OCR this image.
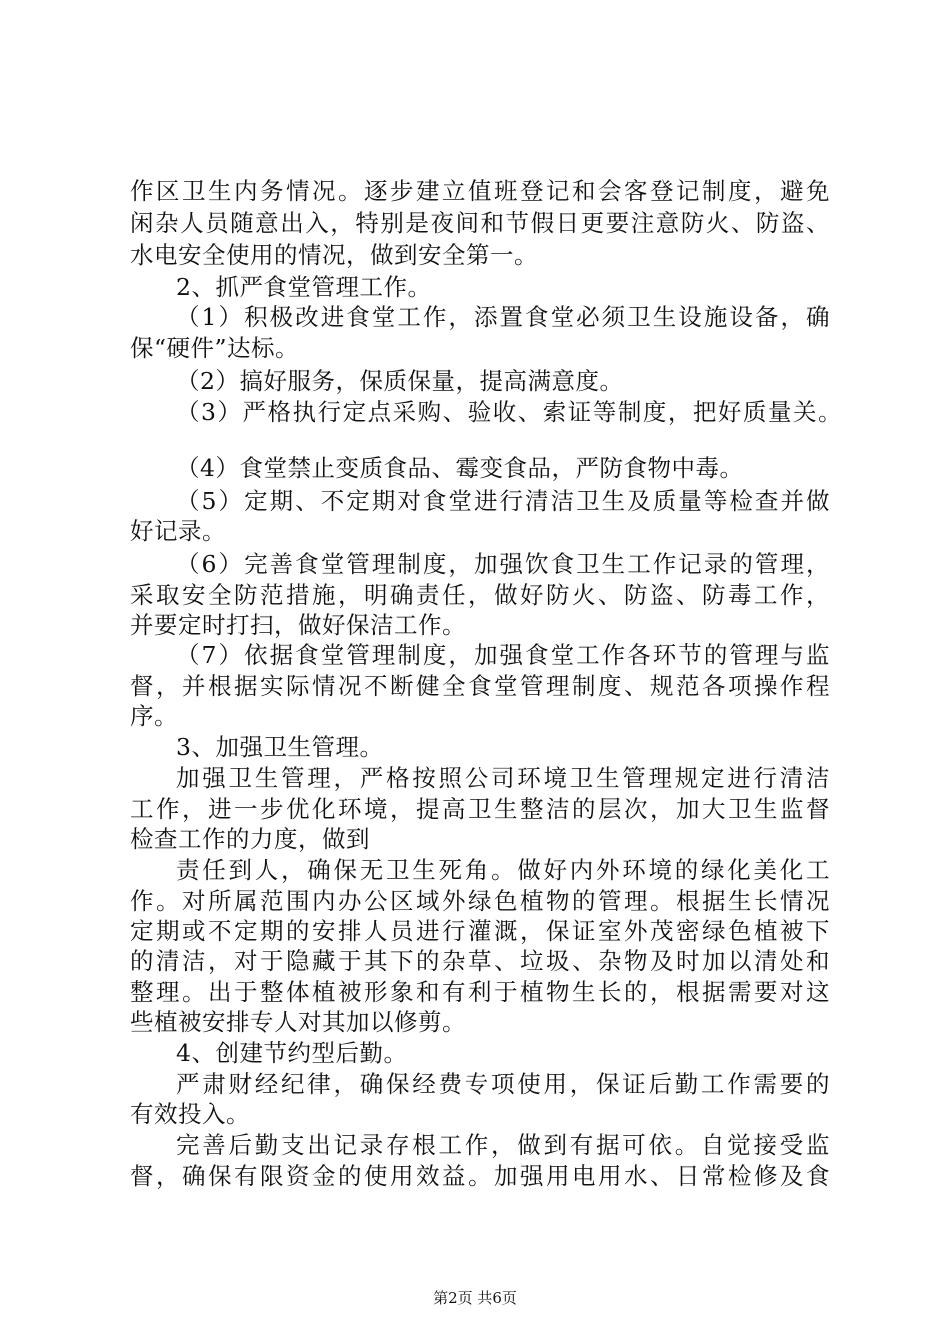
作区卫生内务情况。逐步建立值班登记和会客登记制度，避免
闲杂人员随意出入，特别是夜间和节假日更要注意防火、防盗、
水电安全使用的情况，做到安全第一。
2、抓严食堂管理工作。
（1）积极改进食堂工作，添置食堂必须卫生设施设备，确
保“硬件”达标。
（2）搞好服务，保质保量，提高满意度。
（3）严格执行定点采购、验收、索证等制度，把好质量关。
（4）食堂禁止变质食品、霉变食品，严防食物中毒。
（5）定期、不定期对食堂进行清洁卫生及质量等检查并做
好记录。
（6）完善食堂管理制度，加强饮食卫生工作记录的管理，
采取安全防范措施，明确责任，做好防火、防盗、防毒工作，
并要定时打扫，做好保洁工作。
（7）依据食堂管理制度，加强食堂工作各环节的管理与监
督，并根据实际情况不断健全食堂管理制度、规范各项操作程
序。
3、加强卫生管理。
加强卫生管理，严格按照公司环境卫生管理规定进行清洁
工作，进一步优化环境，提高卫生整洁的层次，加大卫生监督
检查工作的力度，做到
责任到人，确保无卫生死角。做好内外环境的绿化美化工
作。对所属范围内办公区域外绿色植物的管理。根据生长情况
定期或不定期的安排人员进行灌溉，保证室外茂密绿色植被下
的清洁，对于隐藏于其下的杂草、垃圾、杂物及时加以清处和
整理。出于整体植被形象和有利于植物生长的，根据需要对这
些植被安排专人对其加以修剪。
4、创建节约型后勤。
严肃财经纪律，确保经费专项使用，保证后勤工作需要的
有效投入。
完善后勤支出记录存根工作，做到有据可依。自觉接受监
督，确保有限资金的使用效益。加强用电用水、日常检修及食
第2页 共6页
